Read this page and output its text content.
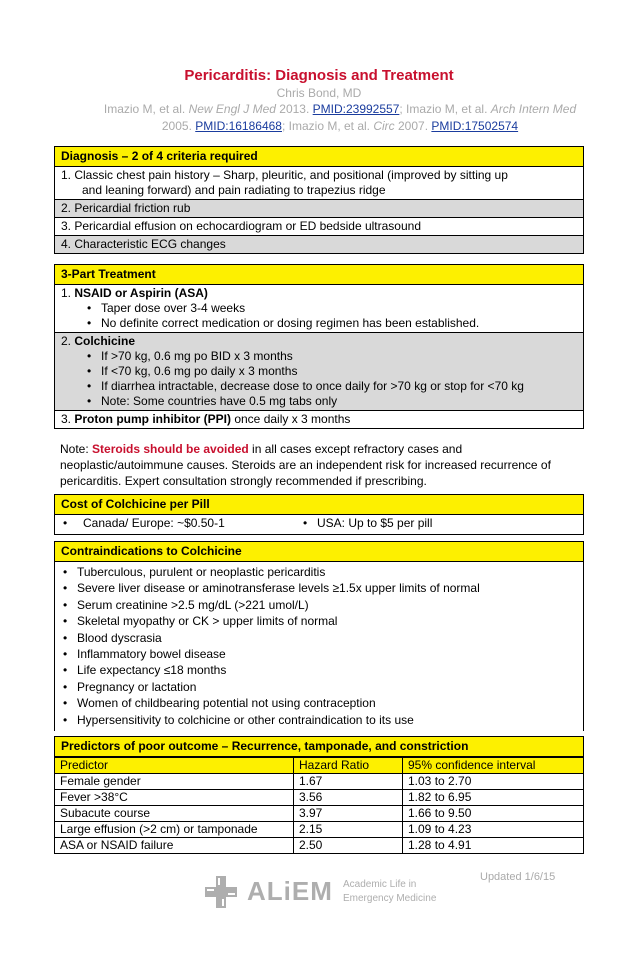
Pericarditis: Diagnosis and Treatment
Chris Bond, MD
Imazio M, et al. New Engl J Med 2013. PMID:23992557; Imazio M, et al. Arch Intern Med 2005. PMID:16186468; Imazio M, et al. Circ 2007. PMID:17502574
Diagnosis – 2 of 4 criteria required
1. Classic chest pain history – Sharp, pleuritic, and positional (improved by sitting up
and leaning forward) and pain radiating to trapezius ridge
2. Pericardial friction rub
3. Pericardial effusion on echocardiogram or ED bedside ultrasound
4. Characteristic ECG changes
3-Part Treatment
1. NSAID or Aspirin (ASA)
• Taper dose over 3-4 weeks
• No definite correct medication or dosing regimen has been established.
2. Colchicine
• If >70 kg, 0.6 mg po BID x 3 months
• If <70 kg, 0.6 mg po daily x 3 months
• If diarrhea intractable, decrease dose to once daily for >70 kg or stop for <70 kg
• Note: Some countries have 0.5 mg tabs only
3. Proton pump inhibitor (PPI) once daily x 3 months
Note: Steroids should be avoided in all cases except refractory cases and neoplastic/autoimmune causes. Steroids are an independent risk for increased recurrence of pericarditis. Expert consultation strongly recommended if prescribing.
Cost of Colchicine per Pill
• Canada/ Europe: ~$0.50-1	• USA: Up to $5 per pill
Contraindications to Colchicine
• Tuberculous, purulent or neoplastic pericarditis
• Severe liver disease or aminotransferase levels ≥1.5x upper limits of normal
• Serum creatinine >2.5 mg/dL (>221 umol/L)
• Skeletal myopathy or CK > upper limits of normal
• Blood dyscrasia
• Inflammatory bowel disease
• Life expectancy ≤18 months
• Pregnancy or lactation
• Women of childbearing potential not using contraception
• Hypersensitivity to colchicine or other contraindication to its use
Predictors of poor outcome – Recurrence, tamponade, and constriction
Predictor	Hazard Ratio	95% confidence interval
Female gender	1.67	1.03 to 2.70
Fever >38°C	3.56	1.82 to 6.95
Subacute course	3.97	1.66 to 9.50
Large effusion (>2 cm) or tamponade	2.15	1.09 to 4.23
ASA or NSAID failure	2.50	1.28 to 4.91
Updated 1/6/15
ALiEM Academic Life in
Emergency Medicine
